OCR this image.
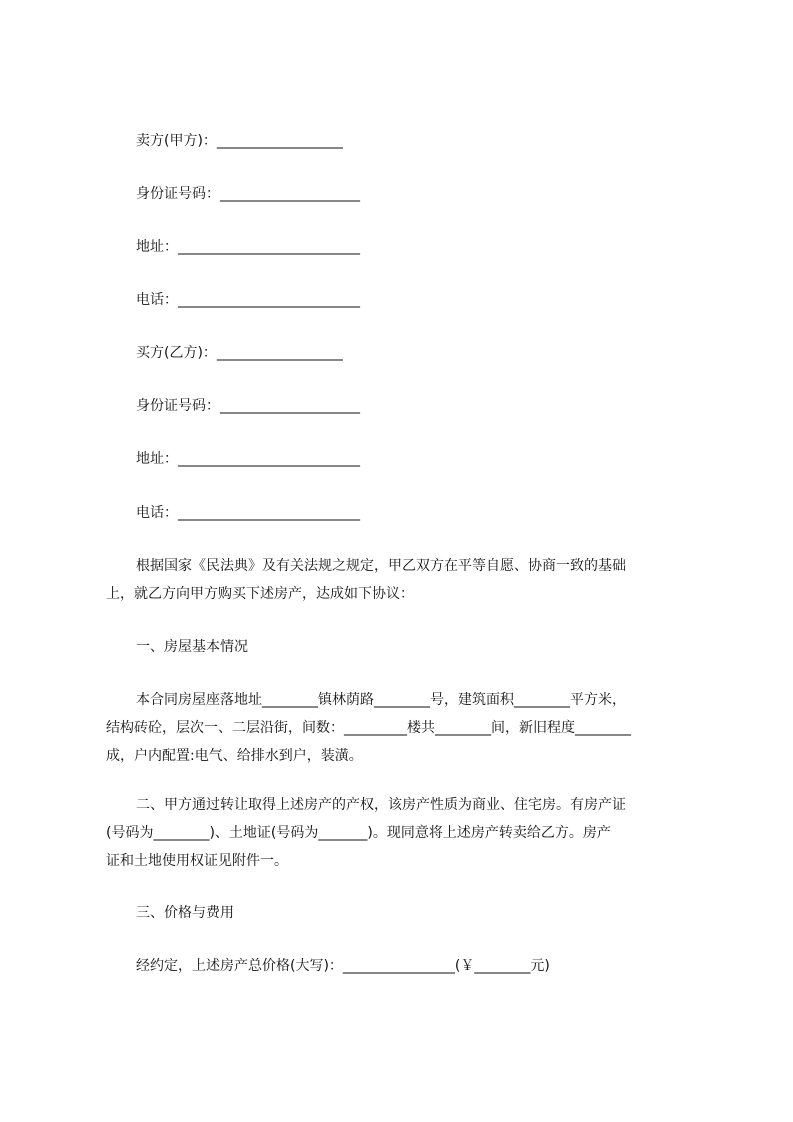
卖方(甲方)：__________________
身份证号码：____________________
地址：__________________________
电话：__________________________
买方(乙方)：__________________
身份证号码：____________________
地址：__________________________
电话：__________________________
根据国家《民法典》及有关法规之规定，甲乙双方在平等自愿、协商一致的基础
上，就乙方向甲方购买下述房产，达成如下协议：
一、房屋基本情况
本合同房屋座落地址________镇林荫路________号，建筑面积________平方米，
结构砖砼，层次一、二层沿街，间数：_________楼共________间，新旧程度________
成，户内配置:电气、给排水到户，装潢。
二、甲方通过转让取得上述房产的产权，该房产性质为商业、住宅房。有房产证
(号码为________)、土地证(号码为_______)。现同意将上述房产转卖给乙方。房产
证和土地使用权证见附件一。
三、价格与费用
经约定，上述房产总价格(大写)：________________(￥________元)
